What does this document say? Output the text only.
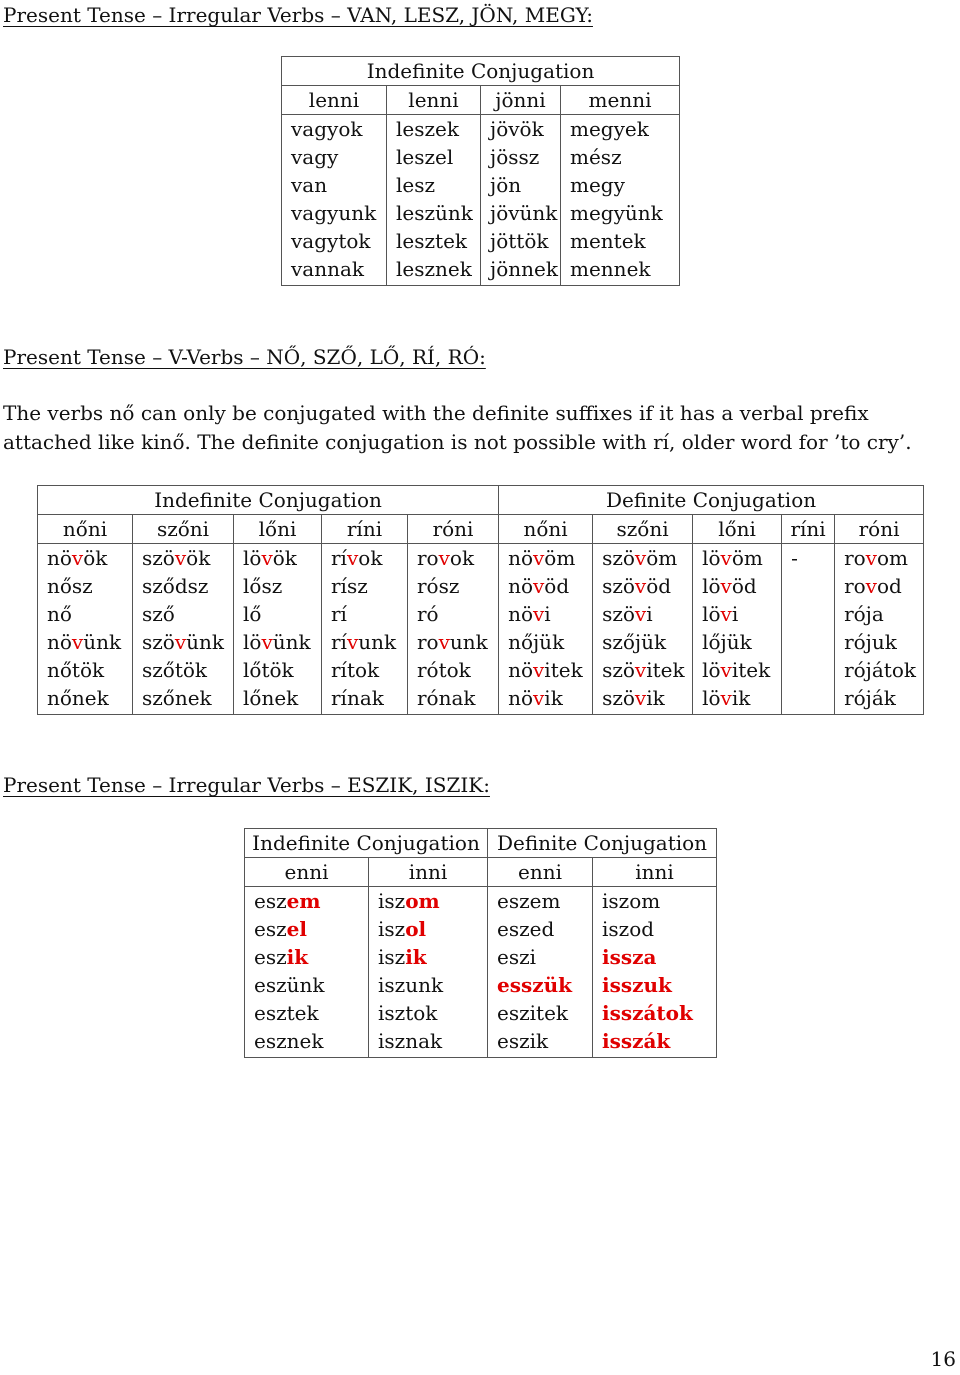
Present Tense – Irregular Verbs – VAN, LESZ, JÖN, MEGY:
Indefinite Conjugation			
lenni	lenni	jönni	menni
vagyok	leszek	jövök	megyek
vagy	leszel	jössz	mész
van	lesz	jön	megy
vagyunk	leszünk	jövünk	megyünk
vagytok	lesztek	jöttök	mentek
vannak	lesznek	jönnek	mennek
Present Tense – V-Verbs – NŐ, SZŐ, LŐ, RÍ, RÓ:

The verbs nő can only be conjugated with the definite suffixes if it has a verbal prefix attached like kinő. The definite conjugation is not possible with rí, older word for ’to cry’.

Indefinite Conjugation					Definite Conjugation				
nőni	szőni	lőni	ríni	róni	nőni	szőni	lőni	ríni	róni
növök	szövök	lövök	rívok	rovok	növöm	szövöm	lövöm	-	rovom
nősz	sződsz	lősz	rísz	rósz	növöd	szövöd	lövöd		rovod
nő	sző	lő	rí	ró	növi	szövi	lövi		rója
növünk	szövünk	lövünk	rívunk	rovunk	nőjük	szőjük	lőjük		rójuk
nőtök	szőtök	lőtök	rítok	rótok	növitek	szövitek	lövitek		rójátok
nőnek	szőnek	lőnek	rínak	rónak	növik	szövik	lövik		róják
Present Tense – Irregular Verbs – ESZIK, ISZIK:
Indefinite Conjugation		Definite Conjugation	
enni	inni	enni	inni
eszem	iszom	eszem	iszom
eszel	iszol	eszed	iszod
eszik	iszik	eszi	issza
eszünk	iszunk	esszük	isszuk
esztek	isztok	eszitek	isszátok
esznek	isznak	eszik	isszák
16
